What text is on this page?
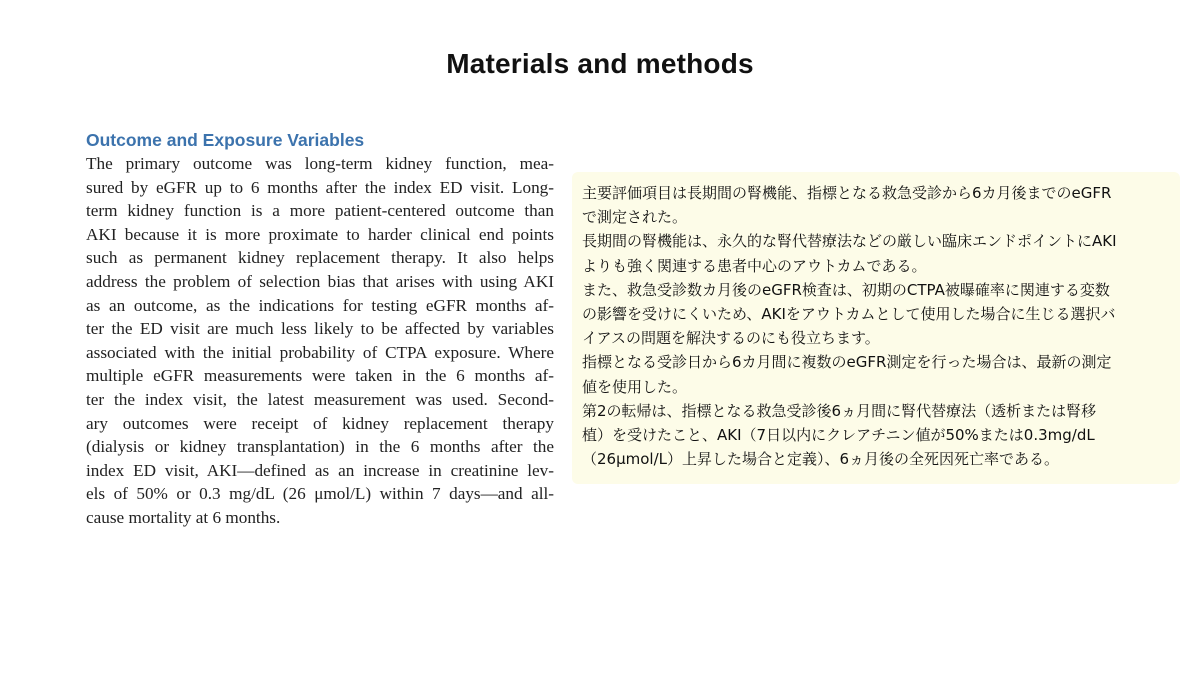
Materials and methods
Outcome and Exposure Variables
The primary outcome was long-term kidney function, mea-
sured by eGFR up to 6 months after the index ED visit. Long-
term kidney function is a more patient-centered outcome than
AKI because it is more proximate to harder clinical end points
such as permanent kidney replacement therapy. It also helps
address the problem of selection bias that arises with using AKI
as an outcome, as the indications for testing eGFR months af-
ter the ED visit are much less likely to be affected by variables
associated with the initial probability of CTPA exposure. Where
multiple eGFR measurements were taken in the 6 months af-
ter the index visit, the latest measurement was used. Second-
ary outcomes were receipt of kidney replacement therapy
(dialysis or kidney transplantation) in the 6 months after the
index ED visit, AKI—defined as an increase in creatinine lev-
els of 50% or 0.3 mg/dL (26 μmol/L) within 7 days—and all-
cause mortality at 6 months.
主要評価項目は長期間の腎機能、指標となる救急受診から6カ月後までのeGFR
で測定された。
長期間の腎機能は、永久的な腎代替療法などの厳しい臨床エンドポイントにAKI
よりも強く関連する患者中心のアウトカムである。
また、救急受診数カ月後のeGFR検査は、初期のCTPA被曝確率に関連する変数
の影響を受けにくいため、AKIをアウトカムとして使用した場合に生じる選択バ
イアスの問題を解決するのにも役立ちます。
指標となる受診日から6カ月間に複数のeGFR測定を行った場合は、最新の測定
値を使用した。
第2の転帰は、指標となる救急受診後6ヵ月間に腎代替療法（透析または腎移
植）を受けたこと、AKI（7日以内にクレアチニン値が50%または0.3mg/dL
（26μmol/L）上昇した場合と定義）、6ヵ月後の全死因死亡率である。
